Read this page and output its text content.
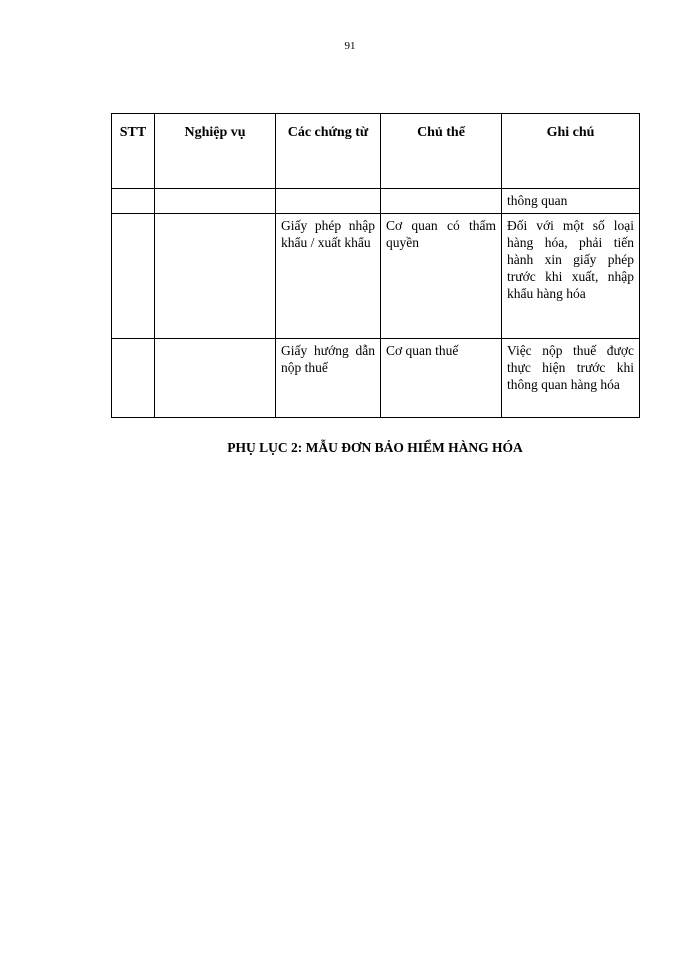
91
STT	Nghiệp vụ	Các chứng từ	Chủ thể	Ghi chú
				thông quan
		Giấy phép nhập khẩu / xuất khẩu	Cơ quan có thẩm quyền	Đối với một số loại hàng hóa, phải tiến hành xin giấy phép trước khi xuất, nhập khẩu hàng hóa
		Giấy hướng dẫn nộp thuế	Cơ quan thuế	Việc nộp thuế được thực hiện trước khi thông quan hàng hóa
PHỤ LỤC 2: MẪU ĐƠN BẢO HIỂM HÀNG HÓA
